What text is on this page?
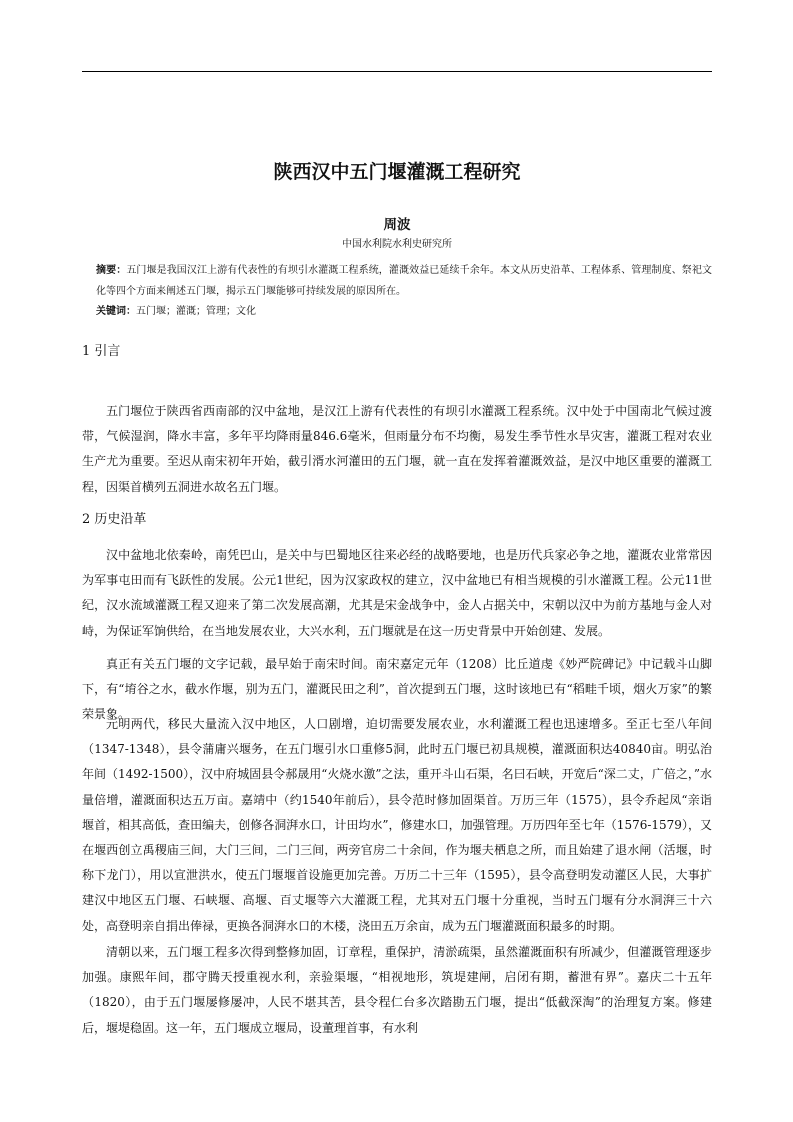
陕西汉中五门堰灌溉工程研究
周波
中国水利院水利史研究所

摘要：五门堰是我国汉江上游有代表性的有坝引水灌溉工程系统，灌溉效益已延续千余年。本文从历史沿革、工程体系、管理制度、祭祀文化等四个方面来阐述五门堰，揭示五门堰能够可持续发展的原因所在。

关键词：五门堰；灌溉；管理；文化
1 引言

五门堰位于陕西省西南部的汉中盆地，是汉江上游有代表性的有坝引水灌溉工程系统。汉中处于中国南北气候过渡带，气候湿润，降水丰富，多年平均降雨量846.6毫米，但雨量分布不均衡，易发生季节性水旱灾害，灌溉工程对农业生产尤为重要。至迟从南宋初年开始，截引湑水河灌田的五门堰，就一直在发挥着灌溉效益，是汉中地区重要的灌溉工程，因渠首横列五洞进水故名五门堰。

2 历史沿革

汉中盆地北依秦岭，南凭巴山，是关中与巴蜀地区往来必经的战略要地，也是历代兵家必争之地，灌溉农业常常因为军事屯田而有飞跃性的发展。公元1世纪，因为汉家政权的建立，汉中盆地已有相当规模的引水灌溉工程。公元11世纪，汉水流域灌溉工程又迎来了第二次发展高潮，尤其是宋金战争中，金人占据关中，宋朝以汉中为前方基地与金人对峙，为保证军饷供给，在当地发展农业，大兴水利，五门堰就是在这一历史背景中开始创建、发展。

真正有关五门堰的文字记载，最早始于南宋时间。南宋嘉定元年（1208）比丘道虔《妙严院碑记》中记载斗山脚下，有“堉谷之水，截水作堰，别为五门，灌溉民田之利”，首次提到五门堰，这时该地已有“稻畦千顷，烟火万家”的繁荣景象。

元明两代，移民大量流入汉中地区，人口剧增，迫切需要发展农业，水利灌溉工程也迅速增多。至正七至八年间（1347-1348），县令蒲庸兴堰务，在五门堰引水口重修5洞，此时五门堰已初具规模，灌溉面积达40840亩。明弘治年间（1492-1500），汉中府城固县令郝晟用“火烧水激”之法，重开斗山石渠，名曰石峡，开宽后“深二丈，广倍之，”水量倍增，灌溉面积达五万亩。嘉靖中（约1540年前后），县令范时修加固渠首。万历三年（1575），县令乔起凤“亲诣堰首，相其高低，查田编夫，创修各洞湃水口，计田均水”，修建水口，加强管理。万历四年至七年（1576-1579），又在堰西创立禹稷庙三间，大门三间，二门三间，两旁官房二十余间，作为堰夫栖息之所，而且始建了退水闸（活堰，时称下龙门），用以宣泄洪水，使五门堰堰首设施更加完善。万历二十三年（1595），县令高登明发动灌区人民，大事扩建汉中地区五门堰、石峡堰、高堰、百丈堰等六大灌溉工程，尤其对五门堰十分重视，当时五门堰有分水洞湃三十六处，高登明亲自捐出俸禄，更换各洞湃水口的木楼，浇田五万余亩，成为五门堰灌溉面积最多的时期。

清朝以来，五门堰工程多次得到整修加固，订章程，重保护，清淤疏渠，虽然灌溉面积有所减少，但灌溉管理逐步加强。康熙年间，郡守腾天授重视水利，亲验渠堰，“相视地形，筑堤建闸，启闭有期，蓄泄有界”。嘉庆二十五年（1820），由于五门堰屡修屡冲，人民不堪其苦，县令程仁台多次踏勘五门堰，提出“低截深淘”的治理复方案。修建后，堰堤稳固。这一年，五门堰成立堰局，设董理首事，有水利
